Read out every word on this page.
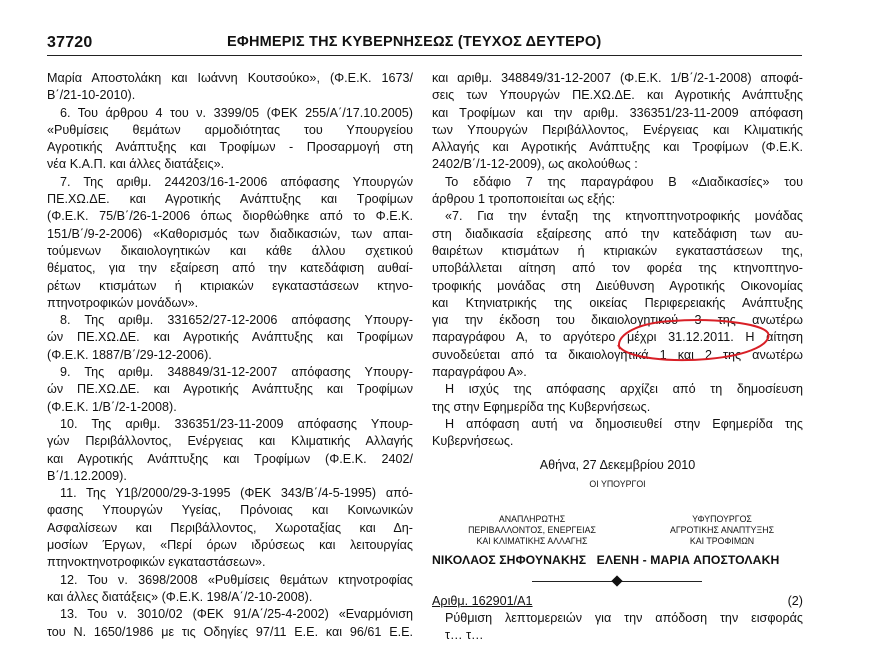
37720	ΕΦΗΜΕΡΙΣ ΤΗΣ ΚΥΒΕΡΝΗΣΕΩΣ (ΤΕΥΧΟΣ ΔΕΥΤΕΡΟ)
Μαρία Αποστολάκη και Ιωάννη Κουτσούκο», (Φ.Ε.Κ. 1673/
Β΄/21-10-2010).
6. Του άρθρου 4 του ν. 3399/05 (ΦΕΚ 255/Α΄/17.10.2005)
«Ρυθμίσεις θεμάτων αρμοδιότητας του Υπουργείου
Αγροτικής Ανάπτυξης και Τροφίμων - Προσαρμογή στη
νέα Κ.Α.Π. και άλλες διατάξεις».
7. Της αριθμ. 244203/16-1-2006 απόφασης Υπουργών
ΠΕ.ΧΩ.ΔΕ. και Αγροτικής Ανάπτυξης και Τροφίμων
(Φ.Ε.Κ. 75/Β΄/26-1-2006 όπως διορθώθηκε από το Φ.Ε.Κ.
151/Β΄/9-2-2006) «Καθορισμός των διαδικασιών, των απαι-
τούμενων δικαιολογητικών και κάθε άλλου σχετικού
θέματος, για την εξαίρεση από την κατεδάφιση αυθαί-
ρέτων κτισμάτων ή κτιριακών εγκαταστάσεων κτηνο-
πτηνοτροφικών μονάδων».
8. Της αριθμ. 331652/27-12-2006 απόφασης Υπουργ-
ών ΠΕ.ΧΩ.ΔΕ. και Αγροτικής Ανάπτυξης και Τροφίμων
(Φ.Ε.Κ. 1887/Β΄/29-12-2006).
9. Της αριθμ. 348849/31-12-2007 απόφασης Υπουργ-
ών ΠΕ.ΧΩ.ΔΕ. και Αγροτικής Ανάπτυξης και Τροφίμων
(Φ.Ε.Κ. 1/Β΄/2-1-2008).
10. Της αριθμ. 336351/23-11-2009 απόφασης Υπουρ-
γών Περιβάλλοντος, Ενέργειας και Κλιματικής Αλλαγής
και Αγροτικής Ανάπτυξης και Τροφίμων (Φ.Ε.Κ. 2402/
Β΄/1.12.2009).
11. Της Υ1β/2000/29-3-1995 (ΦΕΚ 343/Β΄/4-5-1995) από-
φασης Υπουργών Υγείας, Πρόνοιας και Κοινωνικών
Ασφαλίσεων και Περιβάλλοντος, Χωροταξίας και Δη-
μοσίων Έργων, «Περί όρων ιδρύσεως και λειτουργίας
πτηνοκτηνοτροφικών εγκαταστάσεων».
12. Του ν. 3698/2008 «Ρυθμίσεις θεμάτων κτηνοτροφίας
και άλλες διατάξεις» (Φ.Ε.Κ. 198/Α΄/2-10-2008).
13. Του ν. 3010/02 (ΦΕΚ 91/Α΄/25-4-2002) «Εναρμόνιση
του Ν. 1650/1986 με τις Οδηγίες 97/11 Ε.Ε. και 96/61 Ε.Ε.
και αριθμ. 348849/31-12-2007 (Φ.Ε.Κ. 1/Β΄/2-1-2008) αποφά-
σεις των Υπουργών ΠΕ.ΧΩ.ΔΕ. και Αγροτικής Ανάπτυξης
και Τροφίμων και την αριθμ. 336351/23-11-2009 απόφαση
των Υπουργών Περιβάλλοντος, Ενέργειας και Κλιματικής
Αλλαγής και Αγροτικής Ανάπτυξης και Τροφίμων (Φ.Ε.Κ.
2402/Β΄/1-12-2009), ως ακολούθως :
Το εδάφιο 7 της παραγράφου Β «Διαδικασίες» του
άρθρου 1 τροποποιείται ως εξής:
«7. Για την ένταξη της κτηνοπτηνοτροφικής μονάδας
στη διαδικασία εξαίρεσης από την κατεδάφιση των αυ-
θαιρέτων κτισμάτων ή κτιριακών εγκαταστάσεων της,
υποβάλλεται αίτηση από τον φορέα της κτηνοπτηνο-
τροφικής μονάδας στη Διεύθυνση Αγροτικής Οικονομίας
και Κτηνιατρικής της οικείας Περιφερειακής Ανάπτυξης
για την έκδοση του δικαιολογητικού 3 της ανωτέρω
παραγράφου Α, το αργότερο μέχρι 31.12.2011. Η αίτηση
συνοδεύεται από τα δικαιολογητικά 1 και 2 της ανωτέρω
παραγράφου Α».
Η ισχύς της απόφασης αρχίζει από τη δημοσίευση
της στην Εφημερίδα της Κυβερνήσεως.
Η απόφαση αυτή να δημοσιευθεί στην Εφημερίδα της
Κυβερνήσεως.
Αθήνα, 27 Δεκεμβρίου 2010
ΟΙ ΥΠΟΥΡΓΟΙ
ΑΝΑΠΛΗΡΩΤΗΣ
ΠΕΡΙΒΑΛΛΟΝΤΟΣ, ΕΝΕΡΓΕΙΑΣ
ΚΑΙ ΚΛΙΜΑΤΙΚΗΣ ΑΛΛΑΓΗΣ
ΥΦΥΠΟΥΡΓΟΣ
ΑΓΡΟΤΙΚΗΣ ΑΝΑΠΤΥΞΗΣ
ΚΑΙ ΤΡΟΦΙΜΩΝ
ΝΙΚΟΛΑΟΣ ΣΗΦΟΥΝΑΚΗΣ ΕΛΕΝΗ - ΜΑΡΙΑ ΑΠΟΣΤΟΛΑΚΗ
Αριθμ. 162901/Α1	(2)
Ρύθμιση λεπτομερειών για την απόδοση την εισφοράς
τ… τ…
